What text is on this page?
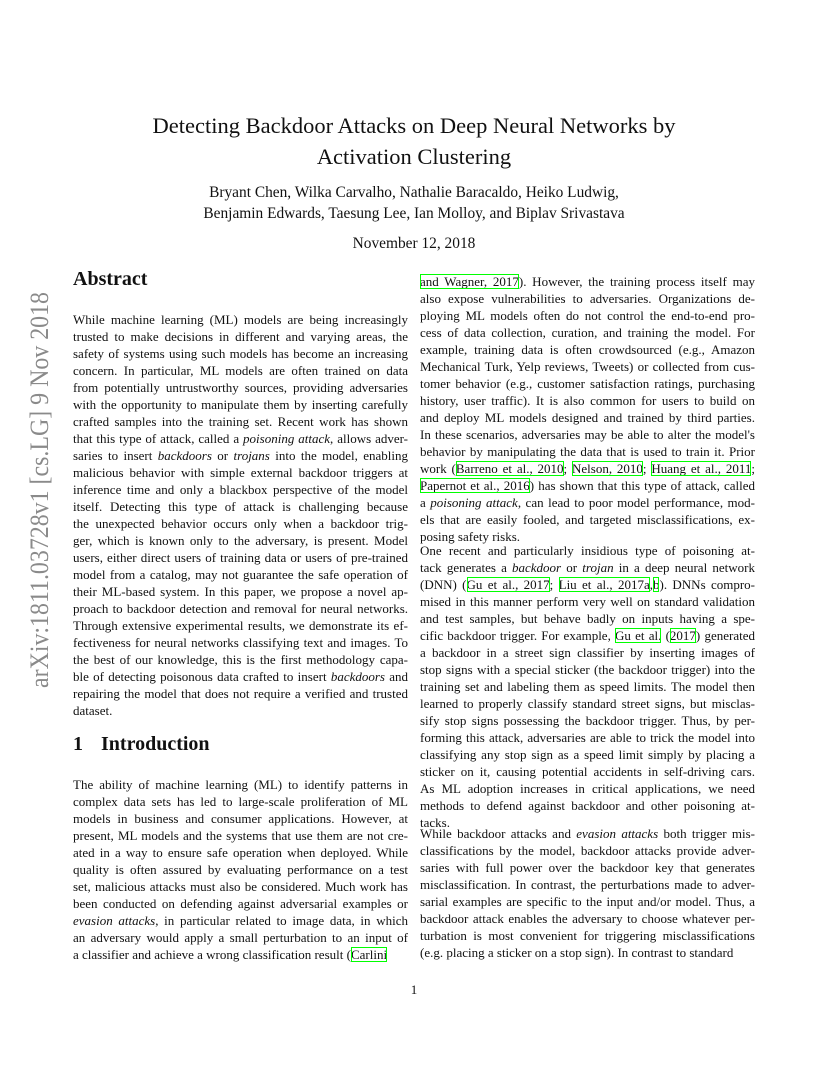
arXiv:1811.03728v1 [cs.LG] 9 Nov 2018
Detecting Backdoor Attacks on Deep Neural Networks by
Activation Clustering
Bryant Chen, Wilka Carvalho, Nathalie Baracaldo, Heiko Ludwig,
Benjamin Edwards, Taesung Lee, Ian Molloy, and Biplav Srivastava
November 12, 2018
Abstract
While machine learning (ML) models are being increasingly
trusted to make decisions in different and varying areas, the
safety of systems using such models has become an increasing
concern. In particular, ML models are often trained on data
from potentially untrustworthy sources, providing adversaries
with the opportunity to manipulate them by inserting carefully
crafted samples into the training set. Recent work has shown
that this type of attack, called a poisoning attack, allows adver-
saries to insert backdoors or trojans into the model, enabling
malicious behavior with simple external backdoor triggers at
inference time and only a blackbox perspective of the model
itself. Detecting this type of attack is challenging because
the unexpected behavior occurs only when a backdoor trig-
ger, which is known only to the adversary, is present. Model
users, either direct users of training data or users of pre-trained
model from a catalog, may not guarantee the safe operation of
their ML-based system. In this paper, we propose a novel ap-
proach to backdoor detection and removal for neural networks.
Through extensive experimental results, we demonstrate its ef-
fectiveness for neural networks classifying text and images. To
the best of our knowledge, this is the first methodology capa-
ble of detecting poisonous data crafted to insert backdoors and
repairing the model that does not require a verified and trusted
dataset.
1 Introduction
The ability of machine learning (ML) to identify patterns in
complex data sets has led to large-scale proliferation of ML
models in business and consumer applications. However, at
present, ML models and the systems that use them are not cre-
ated in a way to ensure safe operation when deployed. While
quality is often assured by evaluating performance on a test
set, malicious attacks must also be considered. Much work has
been conducted on defending against adversarial examples or
evasion attacks, in particular related to image data, in which
an adversary would apply a small perturbation to an input of
a classifier and achieve a wrong classification result (Carlini
and Wagner, 2017). However, the training process itself may
also expose vulnerabilities to adversaries. Organizations de-
ploying ML models often do not control the end-to-end pro-
cess of data collection, curation, and training the model. For
example, training data is often crowdsourced (e.g., Amazon
Mechanical Turk, Yelp reviews, Tweets) or collected from cus-
tomer behavior (e.g., customer satisfaction ratings, purchasing
history, user traffic). It is also common for users to build on
and deploy ML models designed and trained by third parties.
In these scenarios, adversaries may be able to alter the model's
behavior by manipulating the data that is used to train it. Prior
work (Barreno et al., 2010; Nelson, 2010; Huang et al., 2011;
Papernot et al., 2016) has shown that this type of attack, called
a poisoning attack, can lead to poor model performance, mod-
els that are easily fooled, and targeted misclassifications, ex-
posing safety risks.
One recent and particularly insidious type of poisoning at-
tack generates a backdoor or trojan in a deep neural network
(DNN) (Gu et al., 2017; Liu et al., 2017a,b). DNNs compro-
mised in this manner perform very well on standard validation
and test samples, but behave badly on inputs having a spe-
cific backdoor trigger. For example, Gu et al. (2017) generated
a backdoor in a street sign classifier by inserting images of
stop signs with a special sticker (the backdoor trigger) into the
training set and labeling them as speed limits. The model then
learned to properly classify standard street signs, but misclas-
sify stop signs possessing the backdoor trigger. Thus, by per-
forming this attack, adversaries are able to trick the model into
classifying any stop sign as a speed limit simply by placing a
sticker on it, causing potential accidents in self-driving cars.
As ML adoption increases in critical applications, we need
methods to defend against backdoor and other poisoning at-
tacks.
While backdoor attacks and evasion attacks both trigger mis-
classifications by the model, backdoor attacks provide adver-
saries with full power over the backdoor key that generates
misclassification. In contrast, the perturbations made to adver-
sarial examples are specific to the input and/or model. Thus, a
backdoor attack enables the adversary to choose whatever per-
turbation is most convenient for triggering misclassifications
(e.g. placing a sticker on a stop sign). In contrast to standard
1
